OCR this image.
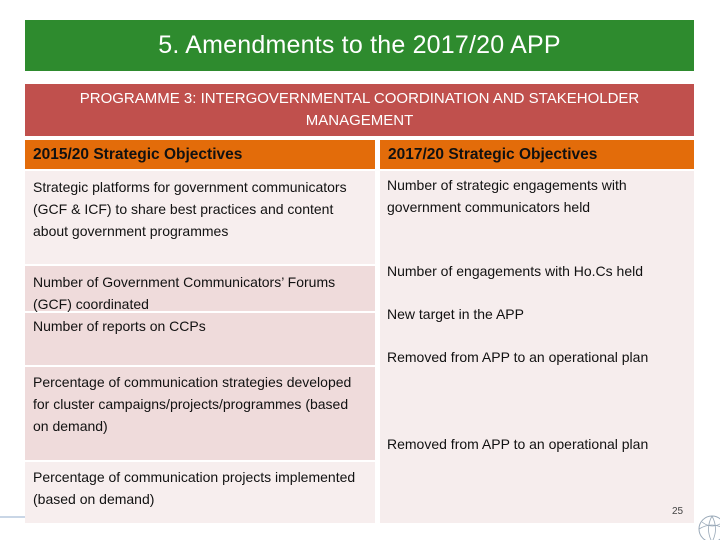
5. Amendments to the 2017/20 APP
PROGRAMME 3: INTERGOVERNMENTAL COORDINATION AND STAKEHOLDER MANAGEMENT
2015/20 Strategic Objectives	2017/20 Strategic Objectives
Strategic platforms for government communicators (GCF & ICF) to share best practices and content about government programmes
Number of Government Communicators’ Forums (GCF) coordinated
Number of reports on CCPs
Percentage of communication strategies developed for cluster campaigns/projects/programmes (based on demand)
Percentage of communication projects implemented (based on demand)
Number of strategic engagements with government communicators held
Number of engagements with Ho.Cs held
New target in the APP
Removed from APP to an operational plan
Removed from APP to an operational plan
25
